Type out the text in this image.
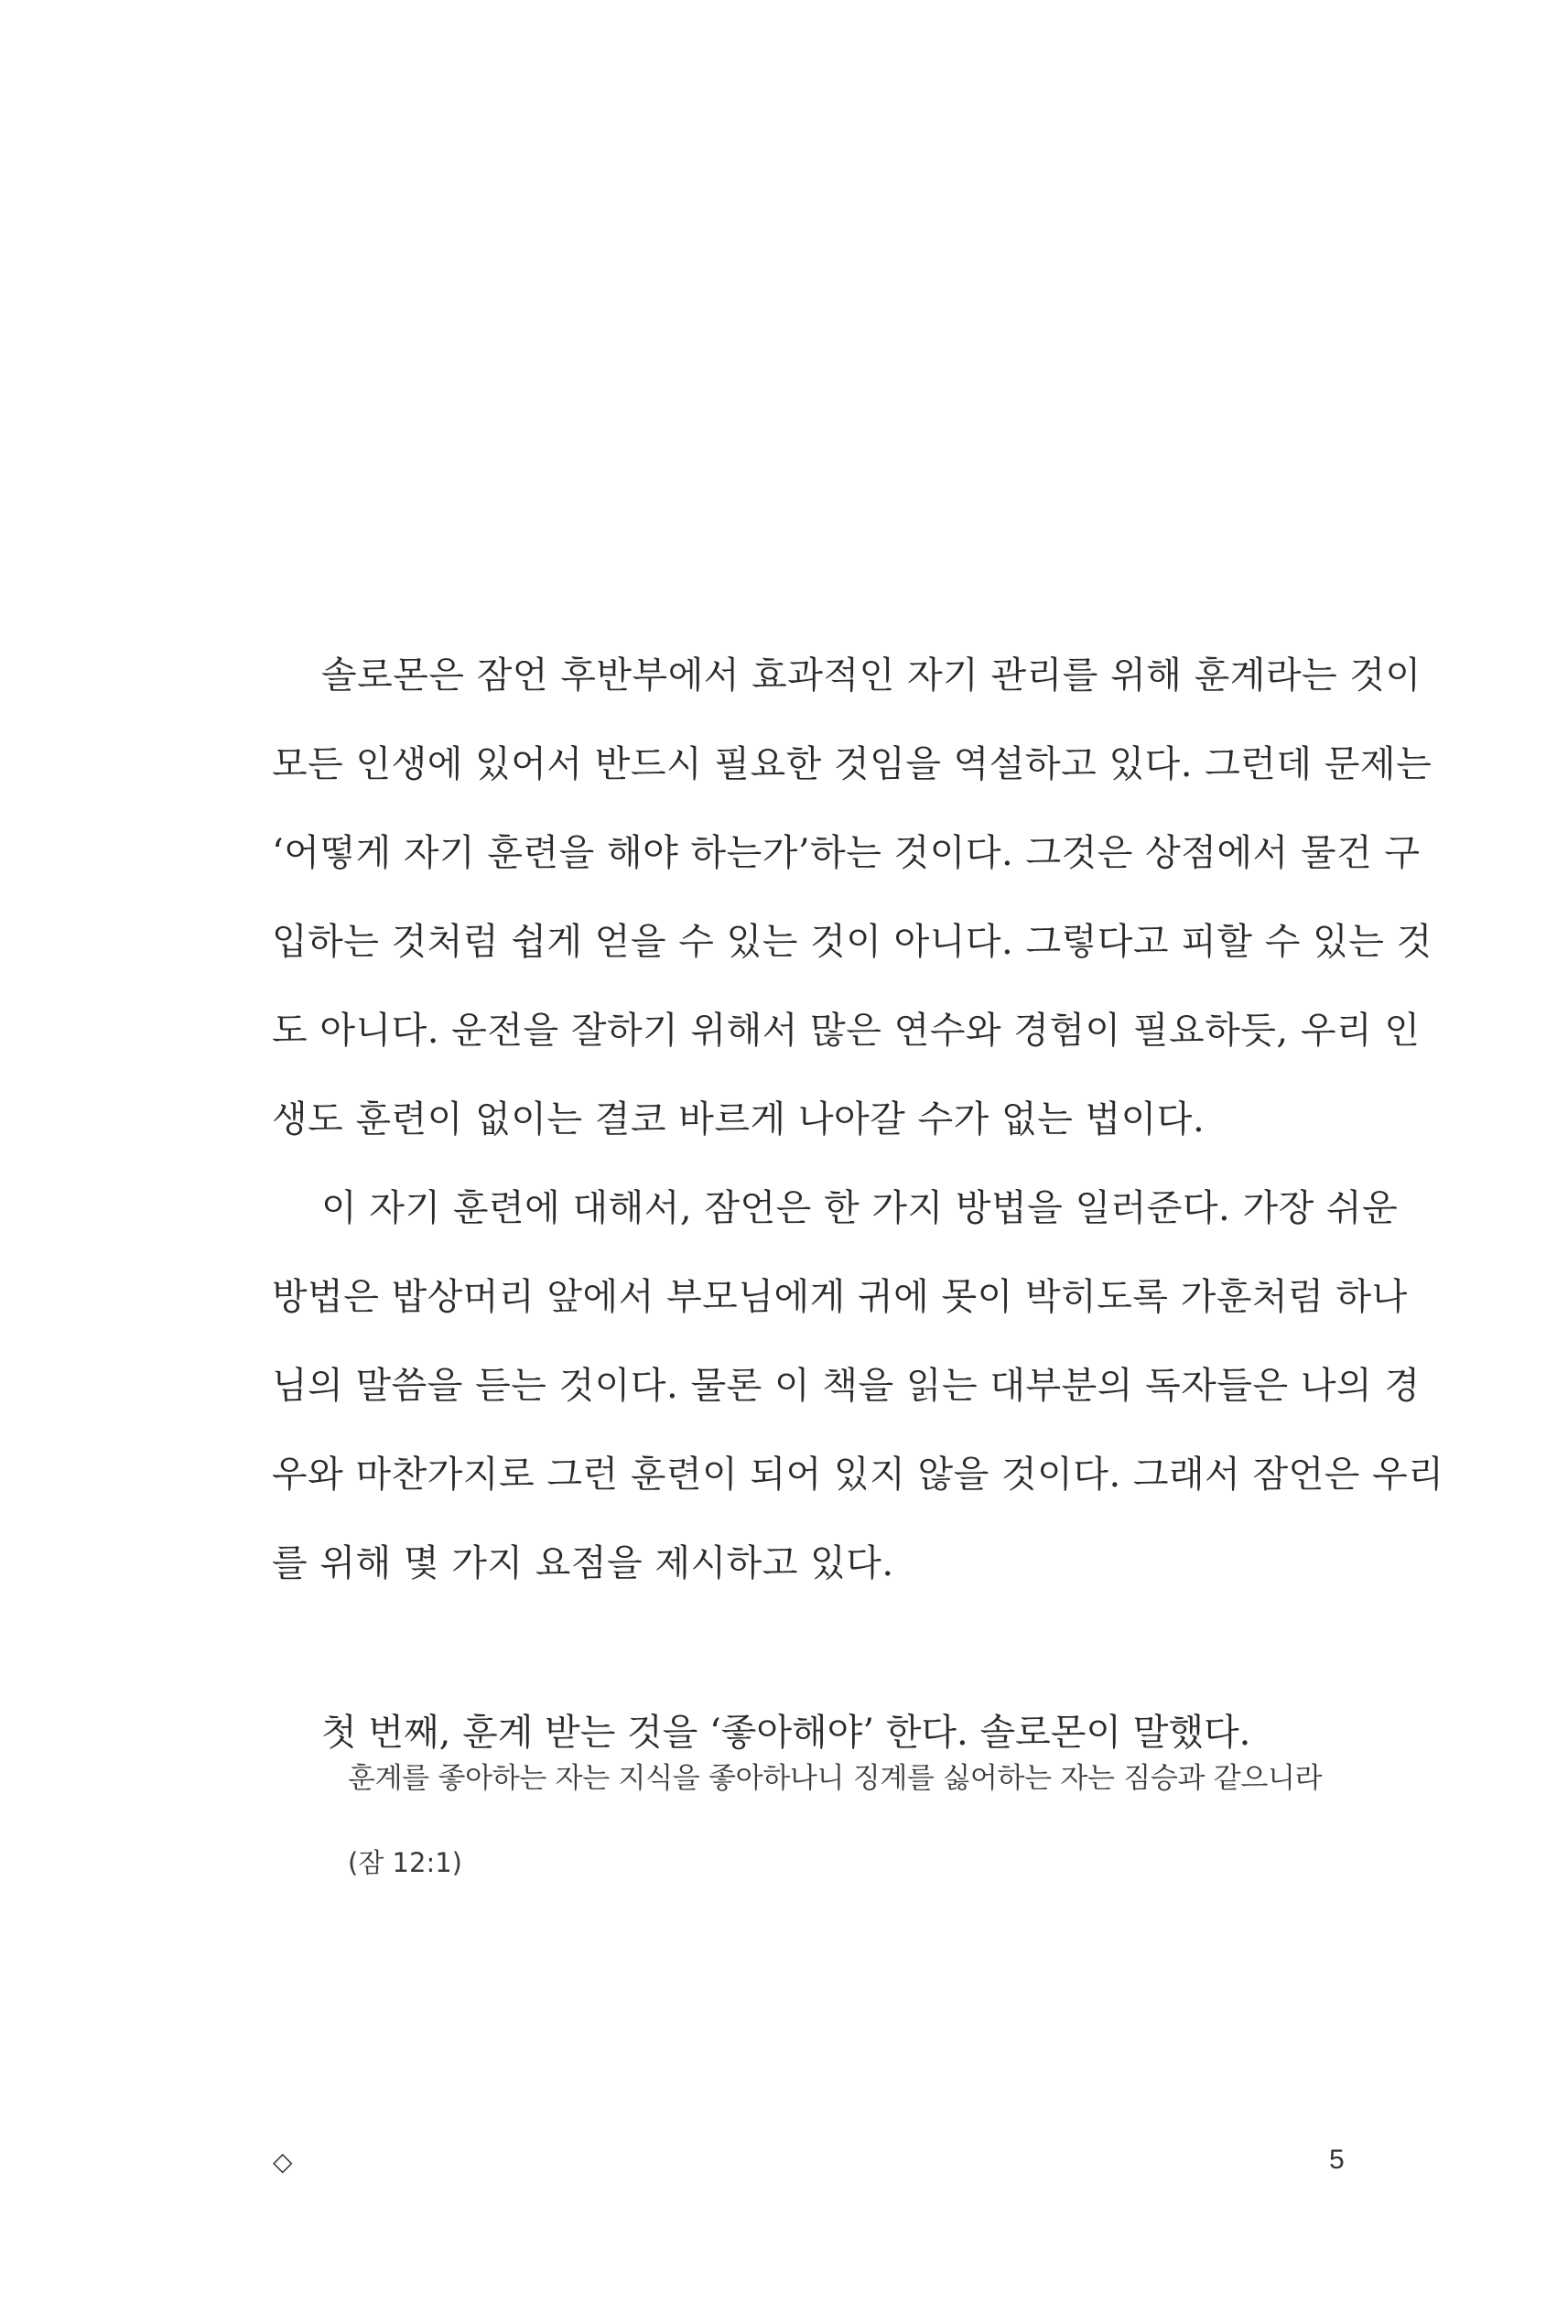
솔로몬은 잠언 후반부에서 효과적인 자기 관리를 위해 훈계라는 것이
모든 인생에 있어서 반드시 필요한 것임을 역설하고 있다. 그런데 문제는
‘어떻게 자기 훈련을 해야 하는가’하는 것이다. 그것은 상점에서 물건 구
입하는 것처럼 쉽게 얻을 수 있는 것이 아니다. 그렇다고 피할 수 있는 것
도 아니다. 운전을 잘하기 위해서 많은 연수와 경험이 필요하듯, 우리 인
생도 훈련이 없이는 결코 바르게 나아갈 수가 없는 법이다.
이 자기 훈련에 대해서, 잠언은 한 가지 방법을 일러준다. 가장 쉬운
방법은 밥상머리 앞에서 부모님에게 귀에 못이 박히도록 가훈처럼 하나
님의 말씀을 듣는 것이다. 물론 이 책을 읽는 대부분의 독자들은 나의 경
우와 마찬가지로 그런 훈련이 되어 있지 않을 것이다. 그래서 잠언은 우리
를 위해 몇 가지 요점을 제시하고 있다.
첫 번째, 훈계 받는 것을 ‘좋아해야’ 한다. 솔로몬이 말했다.
훈계를 좋아하는 자는 지식을 좋아하나니 징계를 싫어하는 자는 짐승과 같으니라
(잠 12:1)
◇	5
